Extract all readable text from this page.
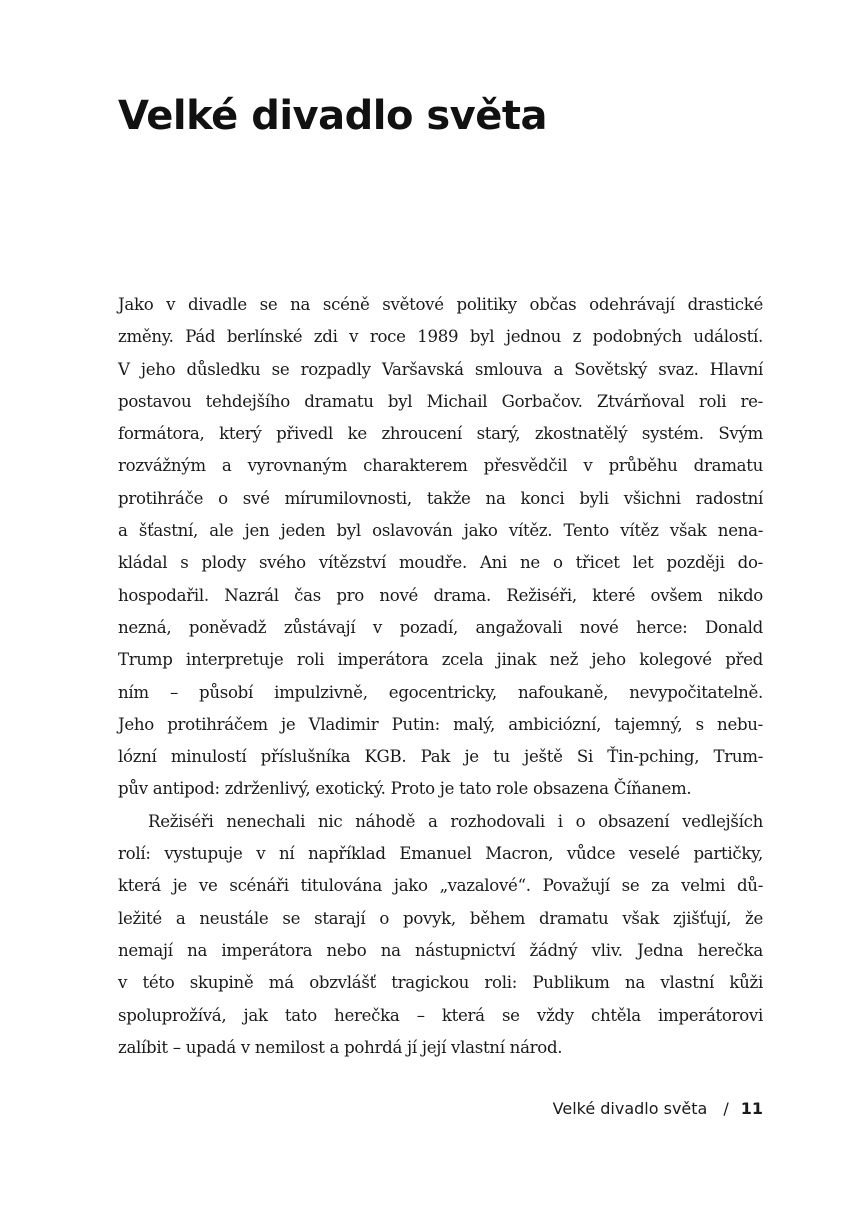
Velké divadlo světa
Jako v divadle se na scéně světové politiky občas odehrávají drastické
změny. Pád berlínské zdi v roce 1989 byl jednou z podobných událostí.
V jeho důsledku se rozpadly Varšavská smlouva a Sovětský svaz. Hlavní
postavou tehdejšího dramatu byl Michail Gorbačov. Ztvárňoval roli re-
formátora, který přivedl ke zhroucení starý, zkostnatělý systém. Svým
rozvážným a vyrovnaným charakterem přesvědčil v průběhu dramatu
protihráče o své mírumilovnosti, takže na konci byli všichni radostní
a šťastní, ale jen jeden byl oslavován jako vítěz. Tento vítěz však nena-
kládal s plody svého vítězství moudře. Ani ne o třicet let později do-
hospodařil. Nazrál čas pro nové drama. Režiséři, které ovšem nikdo
nezná, poněvadž zůstávají v pozadí, angažovali nové herce: Donald
Trump interpretuje roli imperátora zcela jinak než jeho kolegové před
ním – působí impulzivně, egocentricky, nafoukaně, nevypočitatelně.
Jeho protihráčem je Vladimir Putin: malý, ambiciózní, tajemný, s nebu-
lózní minulostí příslušníka KGB. Pak je tu ještě Si Ťin-pching, Trum-
pův antipod: zdrženlivý, exotický. Proto je tato role obsazena Číňanem.
Režiséři nenechali nic náhodě a rozhodovali i o obsazení vedlejších
rolí: vystupuje v ní například Emanuel Macron, vůdce veselé partičky,
která je ve scénáři titulována jako „vazalové“. Považují se za velmi dů-
ležité a neustále se starají o povyk, během dramatu však zjišťují, že
nemají na imperátora nebo na nástupnictví žádný vliv. Jedna herečka
v této skupině má obzvlášť tragickou roli: Publikum na vlastní kůži
spoluprožívá, jak tato herečka – která se vždy chtěla imperátorovi
zalíbit – upadá v nemilost a pohrdá jí její vlastní národ.
Velké divadlo světa / 11
